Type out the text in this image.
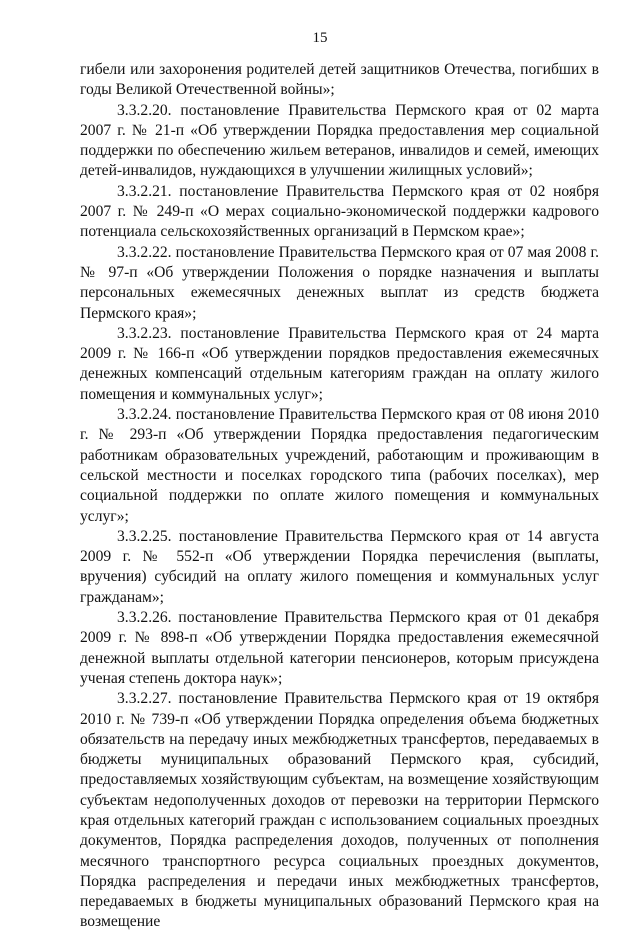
15

гибели или захоронения родителей детей защитников Отечества, погибших в годы Великой Отечественной войны»;

3.3.2.20. постановление Правительства Пермского края от 02 марта 2007 г. № 21-п «Об утверждении Порядка предоставления мер социальной поддержки по обеспечению жильем ветеранов, инвалидов и семей, имеющих детей-инвалидов, нуждающихся в улучшении жилищных условий»;

3.3.2.21. постановление Правительства Пермского края от 02 ноября 2007 г. № 249-п «О мерах социально-экономической поддержки кадрового потенциала сельскохозяйственных организаций в Пермском крае»;

3.3.2.22. постановление Правительства Пермского края от 07 мая 2008 г. № 97-п «Об утверждении Положения о порядке назначения и выплаты персональных ежемесячных денежных выплат из средств бюджета Пермского края»;

3.3.2.23. постановление Правительства Пермского края от 24 марта 2009 г. № 166-п «Об утверждении порядков предоставления ежемесячных денежных компенсаций отдельным категориям граждан на оплату жилого помещения и коммунальных услуг»;

3.3.2.24. постановление Правительства Пермского края от 08 июня 2010 г. № 293-п «Об утверждении Порядка предоставления педагогическим работникам образовательных учреждений, работающим и проживающим в сельской местности и поселках городского типа (рабочих поселках), мер социальной поддержки по оплате жилого помещения и коммунальных услуг»;

3.3.2.25. постановление Правительства Пермского края от 14 августа 2009 г. № 552-п «Об утверждении Порядка перечисления (выплаты, вручения) субсидий на оплату жилого помещения и коммунальных услуг гражданам»;

3.3.2.26. постановление Правительства Пермского края от 01 декабря 2009 г. № 898-п «Об утверждении Порядка предоставления ежемесячной денежной выплаты отдельной категории пенсионеров, которым присуждена ученая степень доктора наук»;

3.3.2.27. постановление Правительства Пермского края от 19 октября 2010 г. № 739-п «Об утверждении Порядка определения объема бюджетных обязательств на передачу иных межбюджетных трансфертов, передаваемых в бюджеты муниципальных образований Пермского края, субсидий, предоставляемых хозяйствующим субъектам, на возмещение хозяйствующим субъектам недополученных доходов от перевозки на территории Пермского края отдельных категорий граждан с использованием социальных проездных документов, Порядка распределения доходов, полученных от пополнения месячного транспортного ресурса социальных проездных документов, Порядка распределения и передачи иных межбюджетных трансфертов, передаваемых в бюджеты муниципальных образований Пермского края на возмещение
